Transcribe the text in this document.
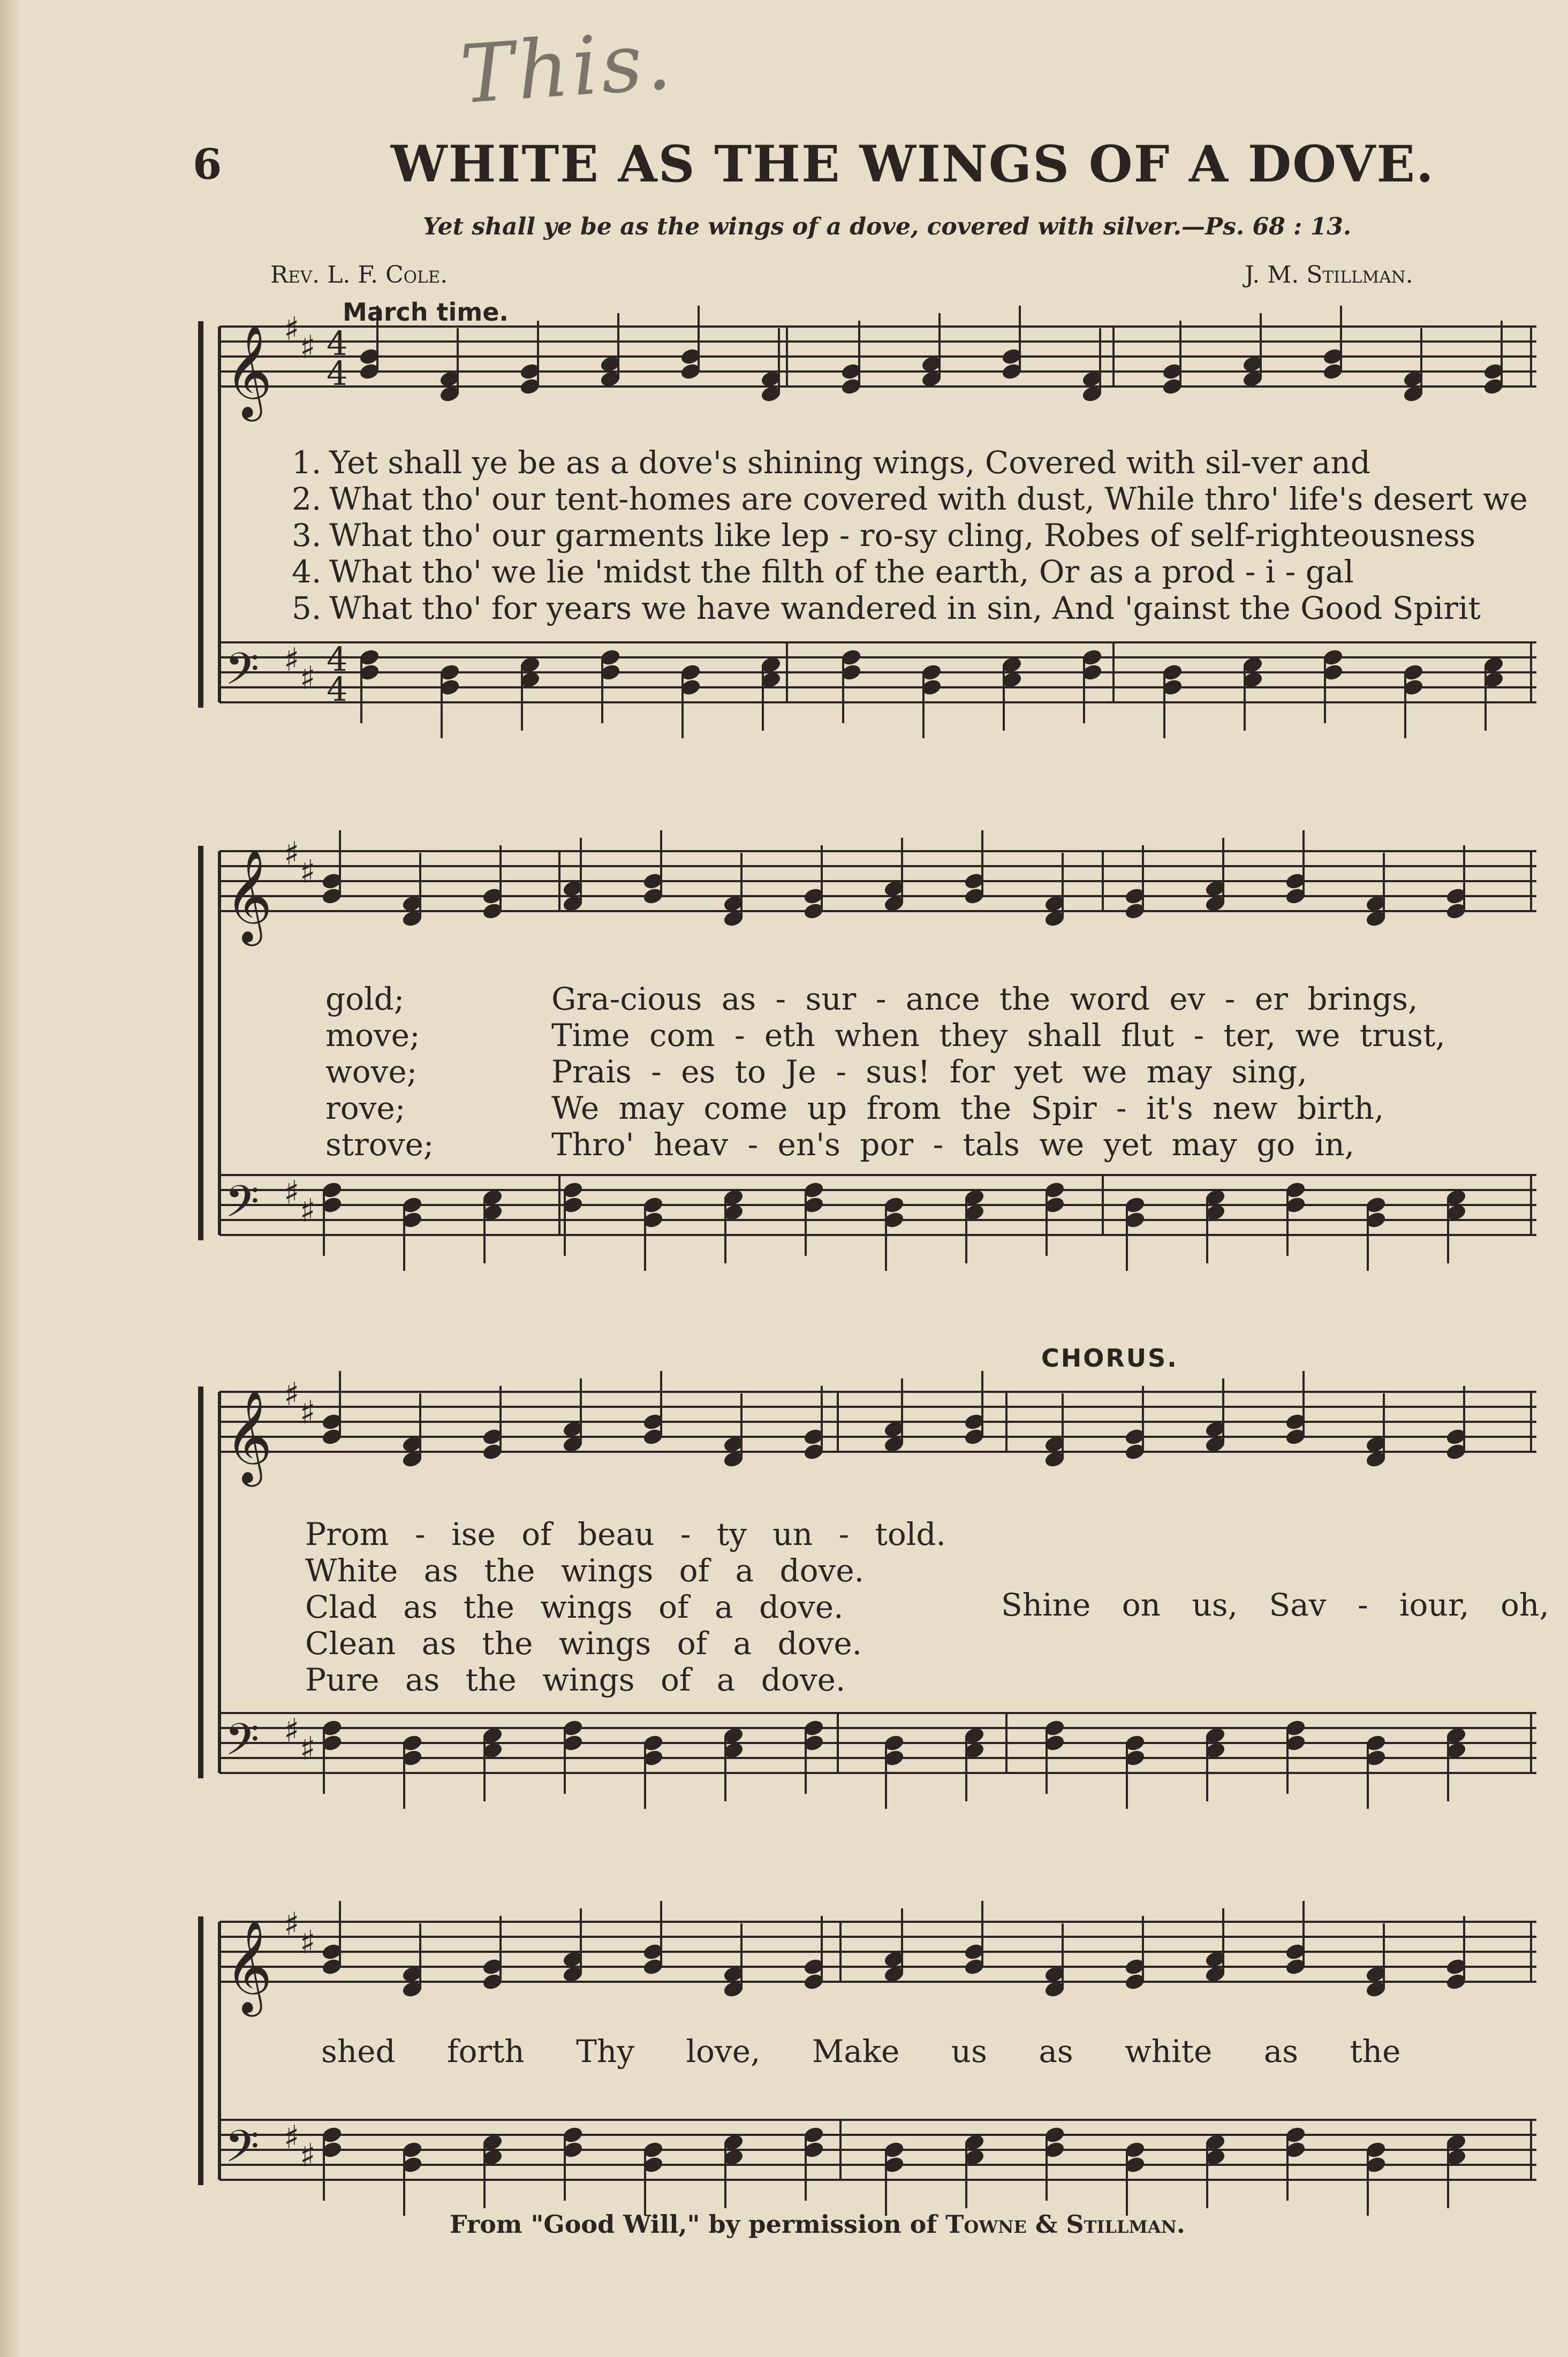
𝄞
𝄢
♯ ♯
♯ ♯
4
4
4
4
𝄞
𝄢
♯ ♯
♯ ♯
𝄞
𝄢
♯ ♯
♯ ♯
𝄞
𝄢
♯ ♯
♯ ♯
This.
6	WHITE AS THE WINGS OF A DOVE.
Yet shall ye be as the wings of a dove, covered with silver.—Ps. 68 : 13.
Rev. L. F. Cole.	J. M. Stillman.
March time.
1. Yet shall ye be as a dove's shining wings, Covered with sil-ver and
2. What tho' our tent-homes are covered with dust, While thro' life's desert we
3. What tho' our garments like lep - ro-sy cling, Robes of self-righteousness
4. What tho' we lie 'midst the filth of the earth, Or as a prod - i - gal
5. What tho' for years we have wandered in sin, And 'gainst the Good Spirit
gold;
move;
wove;
rove;
strove;
Gra-cious as - sur - ance the word ev - er brings,
Time com - eth when they shall flut - ter, we trust,
Prais - es to Je - sus! for yet we may sing,
We may come up from the Spir - it's new birth,
Thro' heav - en's por - tals we yet may go in,
CHORUS.
Prom - ise of beau - ty un - told.
White as the wings of a dove.
Clad as the wings of a dove.
Clean as the wings of a dove.
Pure as the wings of a dove.
Shine on us, Sav - iour, oh,
shed forth Thy love, Make us as white as the
From "Good Will," by permission of Towne & Stillman.
